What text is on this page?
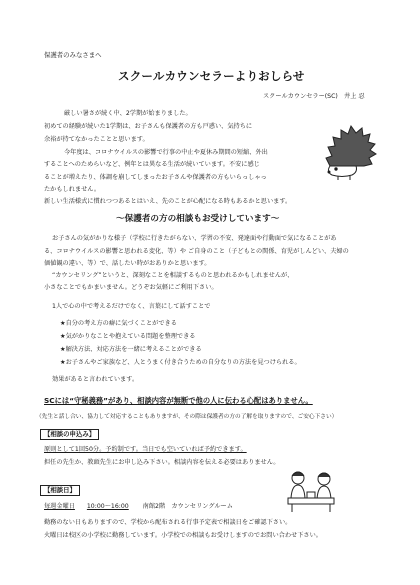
保護者のみなさまへ
スクールカウンセラーよりおしらせ
スクールカウンセラー(SC)　井上 忍
厳しい暑さが続く中、2学期が始まりました。
初めての経験が続いた1学期は、お子さんも保護者の方も戸惑い、気持ちに
余裕が持てなかったことと思います。
今年度は、コロナウイルスの影響で行事の中止や夏休み期間の短縮、外出
することへのためらいなど、例年とは異なる生活が続いています。不安に感じ
ることが増えたり、体調を崩してしまったお子さんや保護者の方もいらっしゃっ
たかもしれません。
新しい生活様式に慣れつつあるとはいえ、先のことが心配になる時もあるかと思います。
～保護者の方の相談もお受けしています～
お子さんの気がかりな様子（学校に行きたがらない、学習の不安、発達面や行動面で気になることがあ
る、コロナウイルスの影響と思われる変化、等）や ご自身のこと（子どもとの関係、育児がしんどい、夫婦の
価値観の違い、等）で、話したい時がおありかと思います。
“カウンセリング”というと、深刻なことを相談するものと思われるかもしれませんが、
小さなことでもかまいません。どうぞお気軽にご利用下さい。
1人で心の中で考えるだけでなく、言葉にして話すことで
★ 自分の考え方の癖に気づくことができる
★ 気がかりなことや抱えている問題を整理できる
★ 解決方法、対応方法を一緒に考えることができる
★ お子さんやご家族など、人とうまく付き合うための自分なりの方法を見つけられる。
効果があると言われています。
SCには“守秘義務”があり、相談内容が無断で他の人に伝わる心配はありません。
（先生と話し合い、協力して対応することもありますが、その際は保護者の方の了解を取りますので、ご安心下さい）
【相談の申込み】
原則として1回50分。予約制です。当日でも空いていれば予約できます。
担任の先生か、教頭先生にお申し込み下さい。相談内容を伝える必要はありません。
【相談日】
毎週金曜日 10:00～16:00 南館2階　カウンセリングルーム
勤務のない日もありますので、学校から配布される行事予定表で相談日をご確認下さい。
火曜日は校区の小学校に勤務しています。小学校での相談もお受けしますのでお問い合わせ下さい。
